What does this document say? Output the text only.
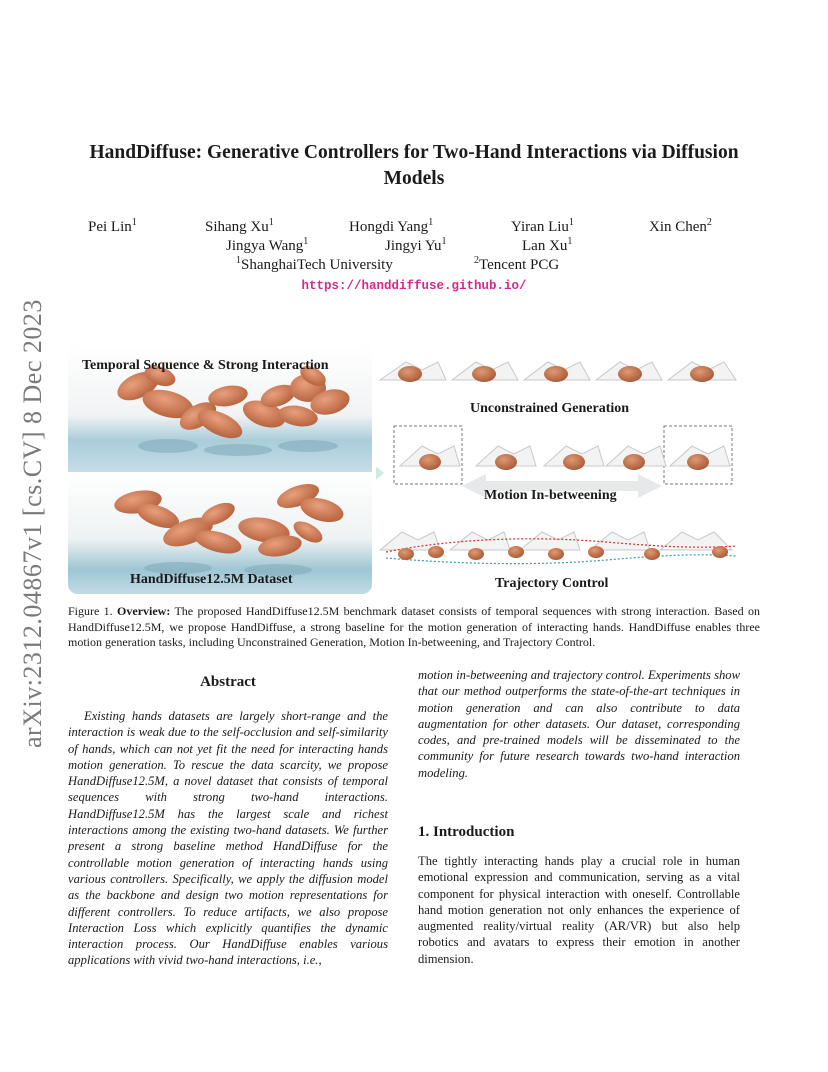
arXiv:2312.04867v1 [cs.CV] 8 Dec 2023
HandDiffuse: Generative Controllers for Two-Hand Interactions via Diffusion Models
Pei Lin$^1$	Sihang Xu$^1$	Hongdi Yang$^1$	Yiran Liu$^1$	Xin Chen$^2$
Jingya Wang$^1$	Jingyi Yu$^1$	Lan Xu$^1$
$^1$ShanghaiTech University	$^2$Tencent PCG
https://handdiffuse.github.io/
Temporal Sequence & Strong Interaction
HandDiffuse12.5M Dataset
Unconstrained Generation
Motion In-betweening
Trajectory Control
Figure 1. Overview: The proposed HandDiffuse12.5M benchmark dataset consists of temporal sequences with strong interaction. Based on HandDiffuse12.5M, we propose HandDiffuse, a strong baseline for the motion generation of interacting hands. HandDiffuse enables three motion generation tasks, including Unconstrained Generation, Motion In-betweening, and Trajectory Control.
Abstract
Existing hands datasets are largely short-range and the interaction is weak due to the self-occlusion and self-similarity of hands, which can not yet fit the need for interacting hands motion generation. To rescue the data scarcity, we propose HandDiffuse12.5M, a novel dataset that consists of temporal sequences with strong two-hand interactions. HandDiffuse12.5M has the largest scale and richest interactions among the existing two-hand datasets. We further present a strong baseline method HandDiffuse for the controllable motion generation of interacting hands using various controllers. Specifically, we apply the diffusion model as the backbone and design two motion representations for different controllers. To reduce artifacts, we also propose Interaction Loss which explicitly quantifies the dynamic interaction process. Our HandDiffuse enables various applications with vivid two-hand interactions, i.e.,
motion in-betweening and trajectory control. Experiments show that our method outperforms the state-of-the-art techniques in motion generation and can also contribute to data augmentation for other datasets. Our dataset, corresponding codes, and pre-trained models will be disseminated to the community for future research towards two-hand interaction modeling.
1. Introduction
The tightly interacting hands play a crucial role in human emotional expression and communication, serving as a vital component for physical interaction with oneself. Controllable hand motion generation not only enhances the experience of augmented reality/virtual reality (AR/VR) but also help robotics and avatars to express their emotion in another dimension.
